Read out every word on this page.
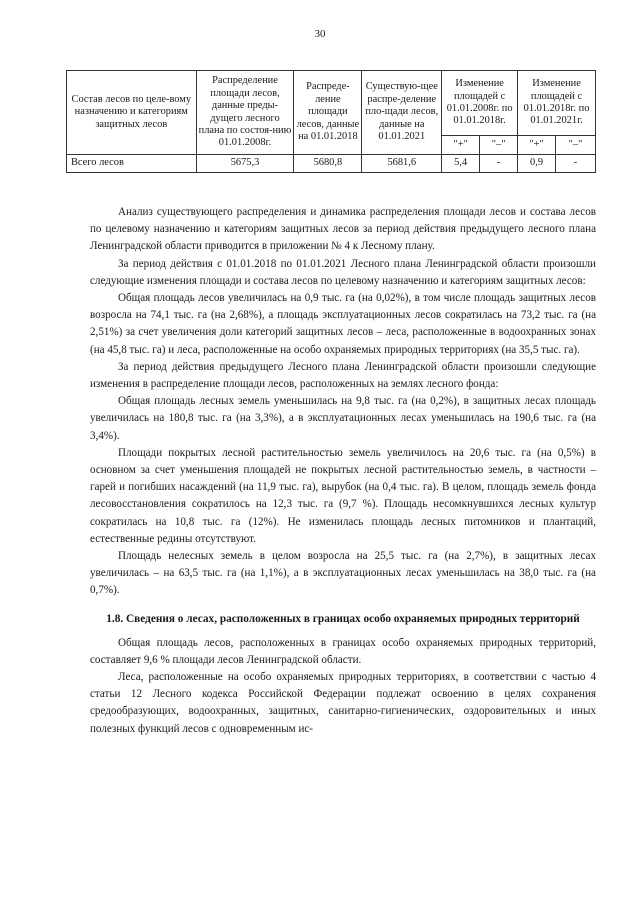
30
Состав лесов по целе-вому назначению и категориям защитных лесов	Распределение площади лесов, данные преды-дущего лесного плана по состоя-нию 01.01.2008г.	Распреде-ление площади лесов, данные на 01.01.2018	Существую-щее распре-деление пло-щади лесов, данные на 01.01.2021	Изменение площадей с 01.01.2008г. по 01.01.2018г.		Изменение площадей с 01.01.2018г. по 01.01.2021г.	
				"+"	"–"	"+"	"–"
Всего лесов	5675,3	5680,8	5681,6	5,4	-	0,9	-

Анализ существующего распределения и динамика распределения площади лесов и состава лесов по целевому назначению и категориям защитных лесов за период действия предыдущего лесного плана Ленинградской области приводится в приложении № 4 к Лесному плану.

За период действия с 01.01.2018 по 01.01.2021 Лесного плана Ленинградской области произошли следующие изменения площади и состава лесов по целевому назначению и категориям защитных лесов:

Общая площадь лесов увеличилась на 0,9 тыс. га (на 0,02%), в том числе площадь защитных лесов возросла на 74,1 тыс. га (на 2,68%), а площадь эксплуатационных лесов сократилась на 73,2 тыс. га (на 2,51%) за счет увеличения доли категорий защитных лесов – леса, расположенные в водоохранных зонах (на 45,8 тыс. га) и леса, расположенные на особо охраняемых природных территориях (на 35,5 тыс. га).

За период действия предыдущего Лесного плана Ленинградской области произошли следующие изменения в распределение площади лесов, расположенных на землях лесного фонда:

Общая площадь лесных земель уменьшилась на 9,8 тыс. га (на 0,2%), в защитных лесах площадь увеличилась на 180,8 тыс. га (на 3,3%), а в эксплуатационных лесах уменьшилась на 190,6 тыс. га (на 3,4%).

Площади покрытых лесной растительностью земель увеличилось на 20,6 тыс. га (на 0,5%) в основном за счет уменьшения площадей не покрытых лесной растительностью земель, в частности – гарей и погибших насаждений (на 11,9 тыс. га), вырубок (на 0,4 тыс. га). В целом, площадь земель фонда лесовосстановления сократилось на 12,3 тыс. га (9,7 %). Площадь несомкнувшихся лесных культур сократилась на 10,8 тыс. га (12%). Не изменилась площадь лесных питомников и плантаций, естественные редины отсутствуют.

Площадь нелесных земель в целом возросла на 25,5 тыс. га (на 2,7%), в защитных лесах увеличилась – на 63,5 тыс. га (на 1,1%), а в эксплуатационных лесах уменьшилась на 38,0 тыс. га (на 0,7%).

1.8. Сведения о лесах, расположенных в границах особо охраняемых природных территорий

Общая площадь лесов, расположенных в границах особо охраняемых природных территорий, составляет 9,6 % площади лесов Ленинградской области.

Леса, расположенные на особо охраняемых природных территориях, в соответствии с частью 4 статьи 12 Лесного кодекса Российской Федерации подлежат освоению в целях сохранения средообразующих, водоохранных, защитных, санитарно-гигиенических, оздоровительных и иных полезных функций лесов с одновременным ис-
